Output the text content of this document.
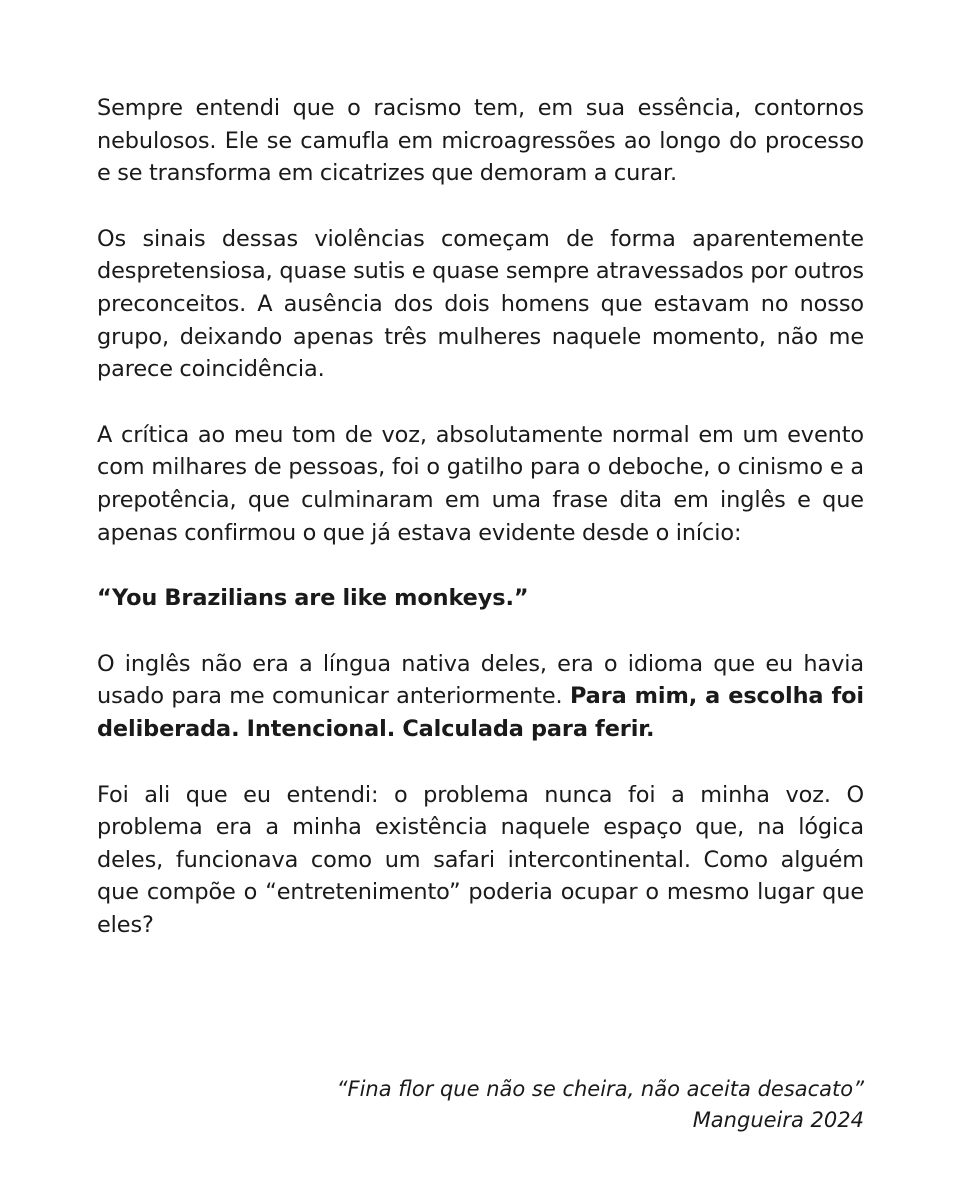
Sempre entendi que o racismo tem, em sua essência, contornos nebulosos. Ele se camufla em microagressões ao longo do processo e se transforma em cicatrizes que demoram a curar.

Os sinais dessas violências começam de forma aparentemente despretensiosa, quase sutis e quase sempre atravessados por outros preconceitos. A ausência dos dois homens que estavam no nosso grupo, deixando apenas três mulheres naquele momento, não me parece coincidência.

A crítica ao meu tom de voz, absolutamente normal em um evento com milhares de pessoas, foi o gatilho para o deboche, o cinismo e a prepotência, que culminaram em uma frase dita em inglês e que apenas confirmou o que já estava evidente desde o início:

“You Brazilians are like monkeys.”

O inglês não era a língua nativa deles, era o idioma que eu havia usado para me comunicar anteriormente. Para mim, a escolha foi deliberada. Intencional. Calculada para ferir.

Foi ali que eu entendi: o problema nunca foi a minha voz. O problema era a minha existência naquele espaço que, na lógica deles, funcionava como um safari intercontinental. Como alguém que compõe o “entretenimento” poderia ocupar o mesmo lugar que eles?

“Fina flor que não se cheira, não aceita desacato”
Mangueira 2024
